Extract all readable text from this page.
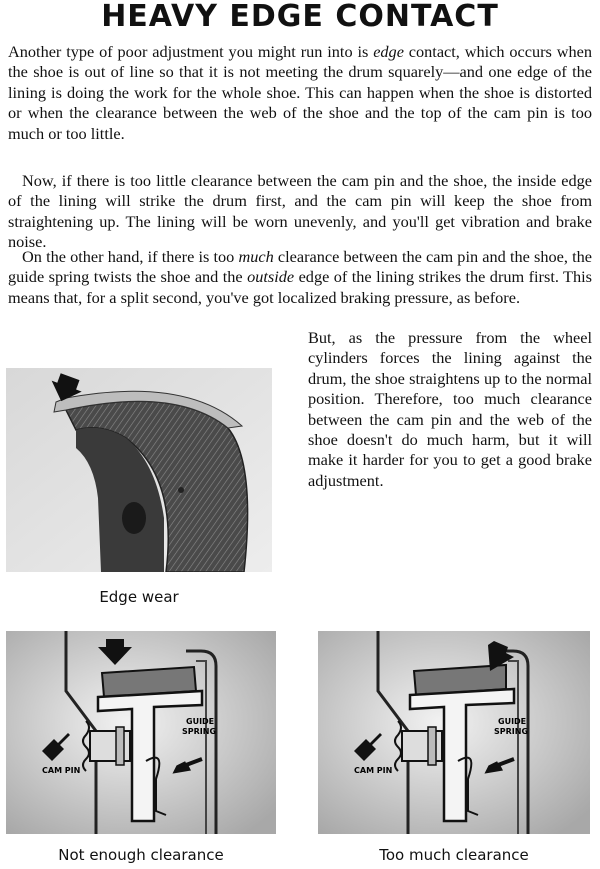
HEAVY EDGE CONTACT

Another type of poor adjustment you might run into is edge contact, which occurs when the shoe is out of line so that it is not meeting the drum squarely—and one edge of the lining is doing the work for the whole shoe. This can happen when the shoe is distorted or when the clearance between the web of the shoe and the top of the cam pin is too much or too little.

Now, if there is too little clearance between the cam pin and the shoe, the inside edge of the lining will strike the drum first, and the cam pin will keep the shoe from straightening up. The lining will be worn unevenly, and you'll get vibration and brake noise.

On the other hand, if there is too much clearance between the cam pin and the shoe, the guide spring twists the shoe and the outside edge of the lining strikes the drum first. This means that, for a split second, you've got localized braking pressure, as before.

But, as the pressure from the wheel cylinders forces the lining against the drum, the shoe straightens up to the normal position. Therefore, too much clearance between the cam pin and the web of the shoe doesn't do much harm, but it will make it harder for you to get a good brake adjustment.

Edge wear
GUIDE
SPRING
CAM PIN
Not enough clearance
GUIDE
SPRING
CAM PIN
Too much clearance
